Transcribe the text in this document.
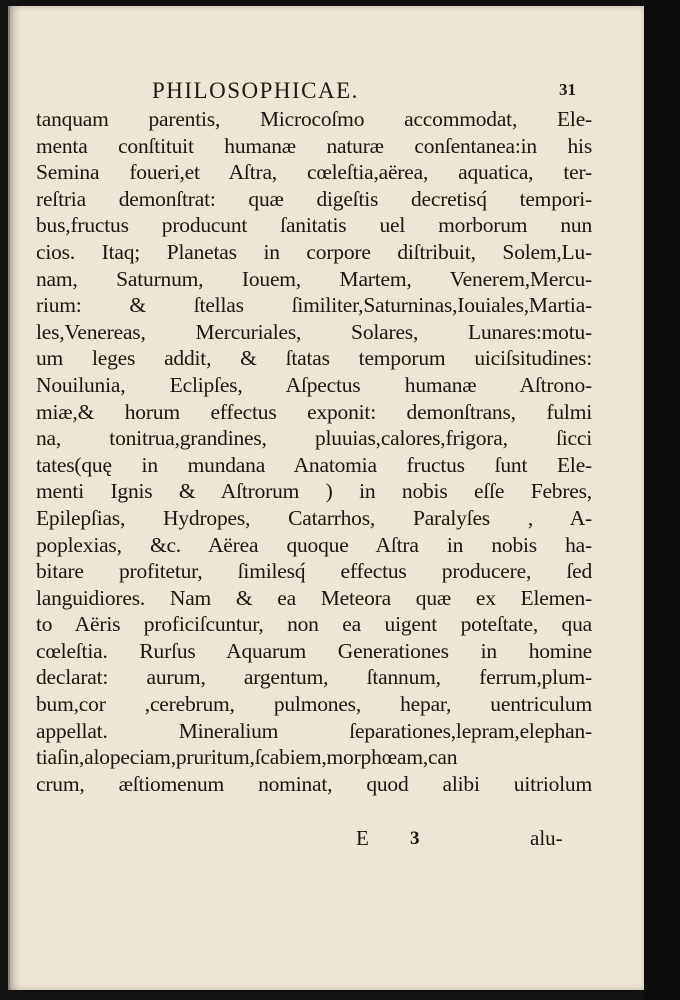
PHILOSOPHICAE.	31
tanquam parentis, Microcoſmo accommodat, Ele-
menta conſtituit humanæ naturæ conſentanea:in his
Semina foueri,et Aſtra, cœleſtia,aërea, aquatica, ter-
reſtria demonſtrat: quæ digeſtis decretisq́ tempori-
bus,fructus producunt ſanitatis uel morborum nun
cios. Itaq; Planetas in corpore diſtribuit, Solem,Lu-
nam, Saturnum, Iouem, Martem, Venerem,Mercu-
rium: & ſtellas ſimiliter,Saturninas,Iouiales,Martia-
les,Venereas, Mercuriales, Solares, Lunares:motu-
um leges addit, & ſtatas temporum uiciſsitudines:
Nouilunia, Eclipſes, Aſpectus humanæ Aſtrono-
miæ,& horum effectus exponit: demonſtrans, fulmi
na, tonitrua,grandines, pluuias,calores,frigora, ſicci
tates(quę in mundana Anatomia fructus ſunt Ele-
menti Ignis & Aſtrorum ) in nobis eſſe Febres,
Epilepſias, Hydropes, Catarrhos, Paralyſes , A-
poplexias, &c. Aërea quoque Aſtra in nobis ha-
bitare profitetur, ſimilesq́ effectus producere, ſed
languidiores. Nam & ea Meteora quæ ex Elemen-
to Aëris proficiſcuntur, non ea uigent poteſtate, qua
cœleſtia. Rurſus Aquarum Generationes in homine
declarat: aurum, argentum, ſtannum, ferrum,plum-
bum,cor ,cerebrum, pulmones, hepar, uentriculum
appellat. Mineralium ſeparationes,lepram,elephan-
tiaſin,alopeciam,pruritum,ſcabiem,morphœam,can
crum, æſtiomenum nominat, quod alibi uitriolum
E 3	alu-
